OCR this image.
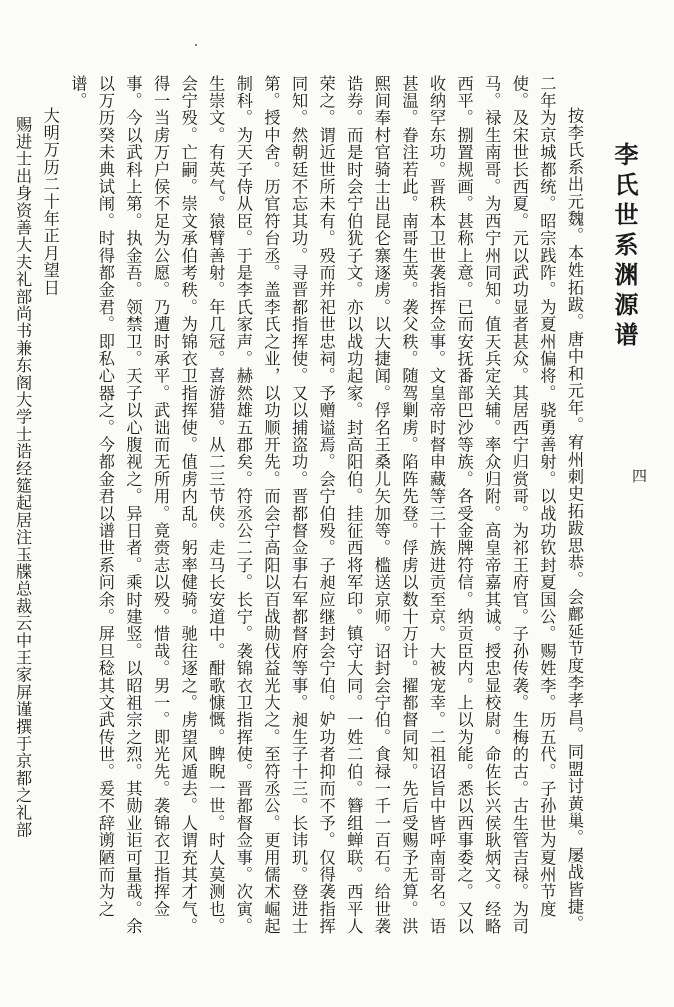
李氏世系渊源谱
四

按李氏系出元魏。本姓拓跋。唐中和元年。宥州刺史拓跋思恭。会鄜延节度李孝昌。同盟讨黄巢。屡战皆捷。二年为京城都统。昭宗践阼。为夏州偏将。骁勇善射。以战功钦封夏国公。赐姓李。历五代。子孙世为夏州节度使。及宋世长西夏。元以武功显者甚众。其居西宁归赏哥。为祁王府官。子孙传袭。生梅的古。古生管吉禄。为司马。禄生南哥。为西宁州同知。值天兵定关辅。率众归附。高皇帝嘉其诚。授忠显校尉。命佐长兴侯耿炳文。经略西平。捌置规画。甚称上意。已而安抚番部巴沙等族。各受金牌符信。纳贡臣内。上以为能。悉以西事委之。又以收纳罕东功。晋秩本卫世袭指挥佥事。文皇帝时督申藏等三十族进贡至京。大被宠幸。二祖诏旨中皆呼南哥名。语甚温。眷注若此。南哥生英。袭父秩。随驾剿虏。陷阵先登。俘虏以数十万计。擢都督同知。先后受赐予无算。洪熙间奉村官骑士出昆仑寨逐虏。以大捷闻。俘名王桑儿矢加等。槛送京师。诏封会宁伯。食禄一千一百石。给世袭诰券。而是时会宁伯犹子文。亦以战功起家。封高阳伯。挂征西将军印。镇守大同。一姓二伯。簪组蝉联。西平人荣之。谓近世所未有。殁而并祀世忠祠。予赠谥焉。会宁伯殁。子昶应继封会宁伯。妒功者抑而不予。仅得袭指挥同知。然朝廷不忘其功。寻晋都指挥使。又以捕盗功。晋都督佥事右军都督府等事。昶生子十三。长讳玑。登进士第。授中舍。历官符台丞。盖李氏之业，以功顺开先。而会宁高阳以百战勋伐益光大之。至符丞公。更用儒术崛起制科。为天子侍从臣。于是李氏家声。赫然雄五郡矣。符丞公二子。长宁。袭锦衣卫指挥使。晋都督佥事。次寅。生崇文。有英气。猿臂善射。年几冠。喜游猎。从二三节侠。走马长安道中。酣歌慷慨。睥睨一世。时人莫测也。会宁殁。亡嗣。崇文承伯考秩。为锦衣卫指挥使。值虏内乱。躬率健骑。驰往逐之。虏望风遁去。人谓充其才气。得一当虏万户侯不足为公愿。乃遭时承平。武诎而无所用。竟赍志以殁。惜哉。男一。即光先。袭锦衣卫指挥佥事。今以武科上第。执金吾。领禁卫。天子以心腹视之。异日者。乘时建竖。以昭祖宗之烈。其勋业讵可量哉。余以万历癸未典试闱。时得都金君。即私心器之。今都金君以谱世系问余。屏旦稔其文武传世。爰不辞谫陋而为之谱。

大明万历二十年正月望日

赐进士出身资善大夫礼部尚书兼东阁大学士诰经筵起居注玉牒总裁云中王家屏谨撰于京都之礼部
